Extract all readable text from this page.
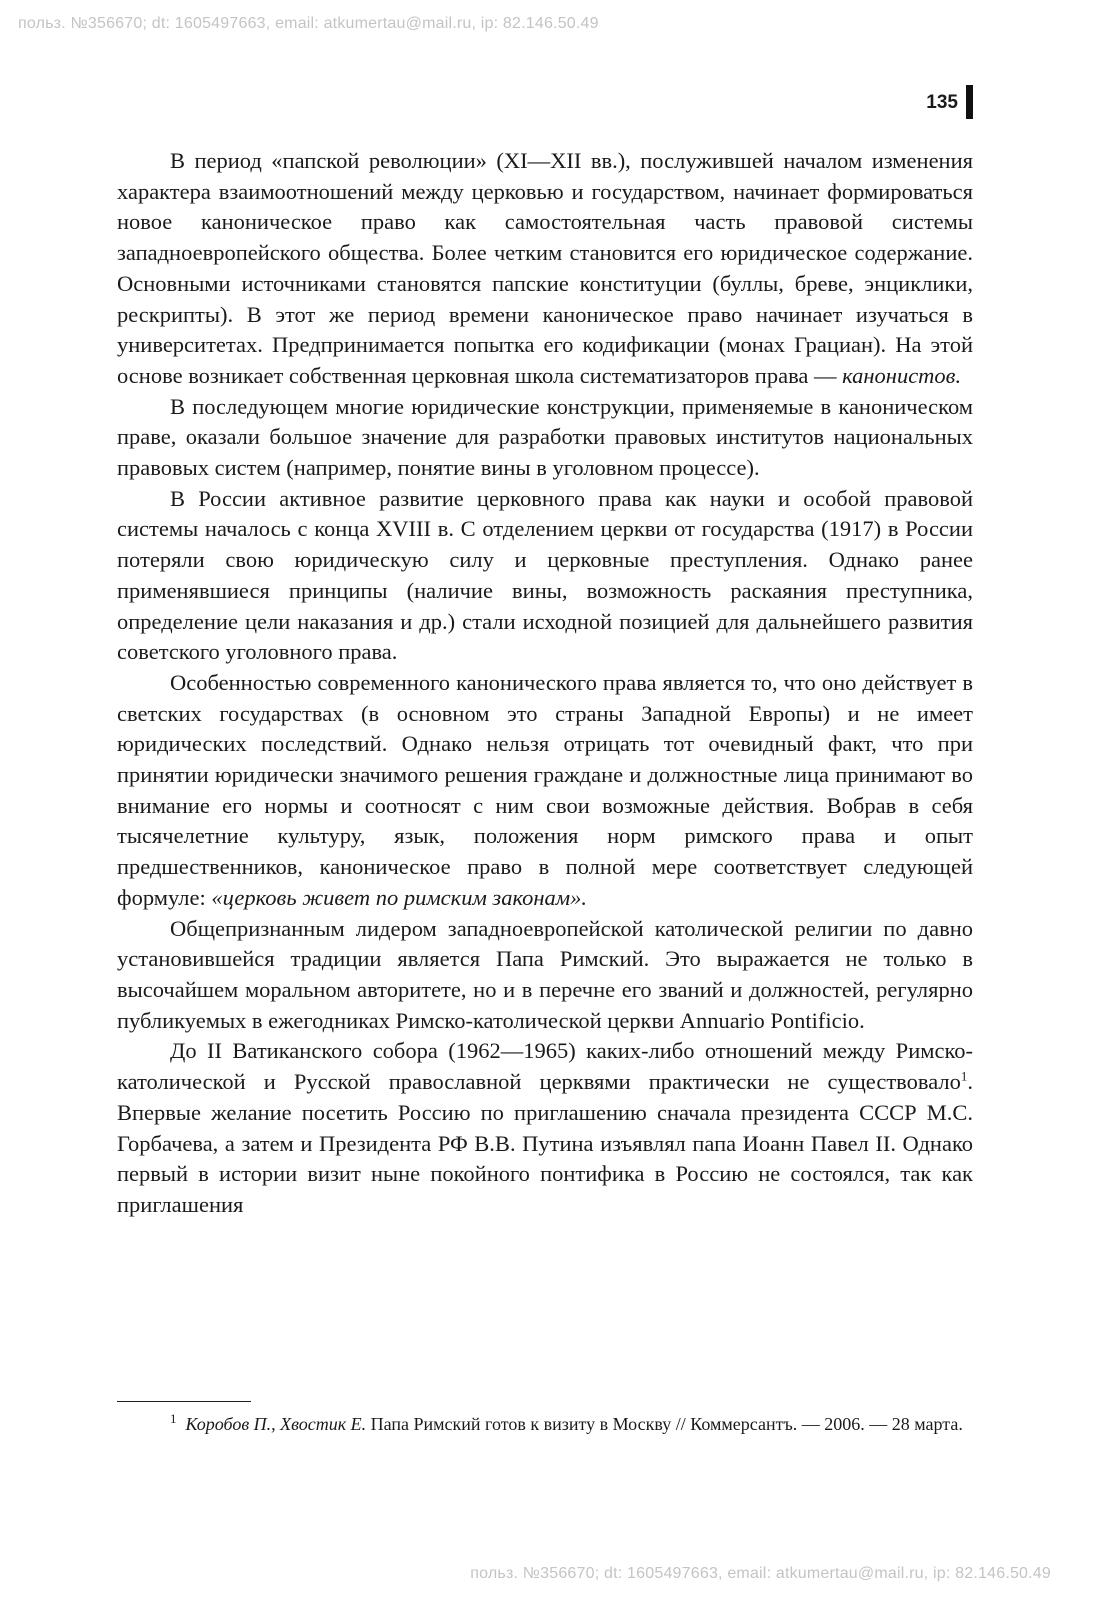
польз. №356670; dt: 1605497663, email: atkumertau@mail.ru, ip: 82.146.50.49
135

В период «папской революции» (XI—XII вв.), послужившей началом изменения характера взаимоотношений между церковью и государством, начинает формироваться новое каноническое право как самостоятельная часть правовой системы западноевропейского общества. Более четким становится его юридическое содержание. Основными источниками становятся папские конституции (буллы, бреве, энциклики, рескрипты). В этот же период времени каноническое право начинает изучаться в университетах. Предпринимается попытка его кодификации (монах Грациан). На этой основе возникает собственная церковная школа систематизаторов права — канонистов.

В последующем многие юридические конструкции, применяемые в каноническом праве, оказали большое значение для разработки правовых институтов национальных правовых систем (например, понятие вины в уголовном процессе).

В России активное развитие церковного права как науки и особой правовой системы началось с конца XVIII в. С отделением церкви от государства (1917) в России потеряли свою юридическую силу и церковные преступления. Однако ранее применявшиеся принципы (наличие вины, возможность раскаяния преступника, определение цели наказания и др.) стали исходной позицией для дальнейшего развития советского уголовного права.

Особенностью современного канонического права является то, что оно действует в светских государствах (в основном это страны Западной Европы) и не имеет юридических последствий. Однако нельзя отрицать тот очевидный факт, что при принятии юридически значимого решения граждане и должностные лица принимают во внимание его нормы и соотносят с ним свои возможные действия. Вобрав в себя тысячелетние культуру, язык, положения норм римского права и опыт предшественников, каноническое право в полной мере соответствует следующей формуле: «церковь живет по римским законам».

Общепризнанным лидером западноевропейской католической религии по давно установившейся традиции является Папа Римский. Это выражается не только в высочайшем моральном авторитете, но и в перечне его званий и должностей, регулярно публикуемых в ежегодниках Римско-католической церкви Annuario Pontificio.

До II Ватиканского собора (1962—1965) каких-либо отношений между Римско-католической и Русской православной церквями практически не существовало$^1$. Впервые желание посетить Россию по приглашению сначала президента СССР М.С. Горбачева, а затем и Президента РФ В.В. Путина изъявлял папа Иоанн Павел II. Однако первый в истории визит ныне покойного понтифика в Россию не состоялся, так как приглашения

$^1$ Коробов П., Хвостик Е. Папа Римский готов к визиту в Москву // Коммерсантъ. — 2006. — 28 марта.

польз. №356670; dt: 1605497663, email: atkumertau@mail.ru, ip: 82.146.50.49
